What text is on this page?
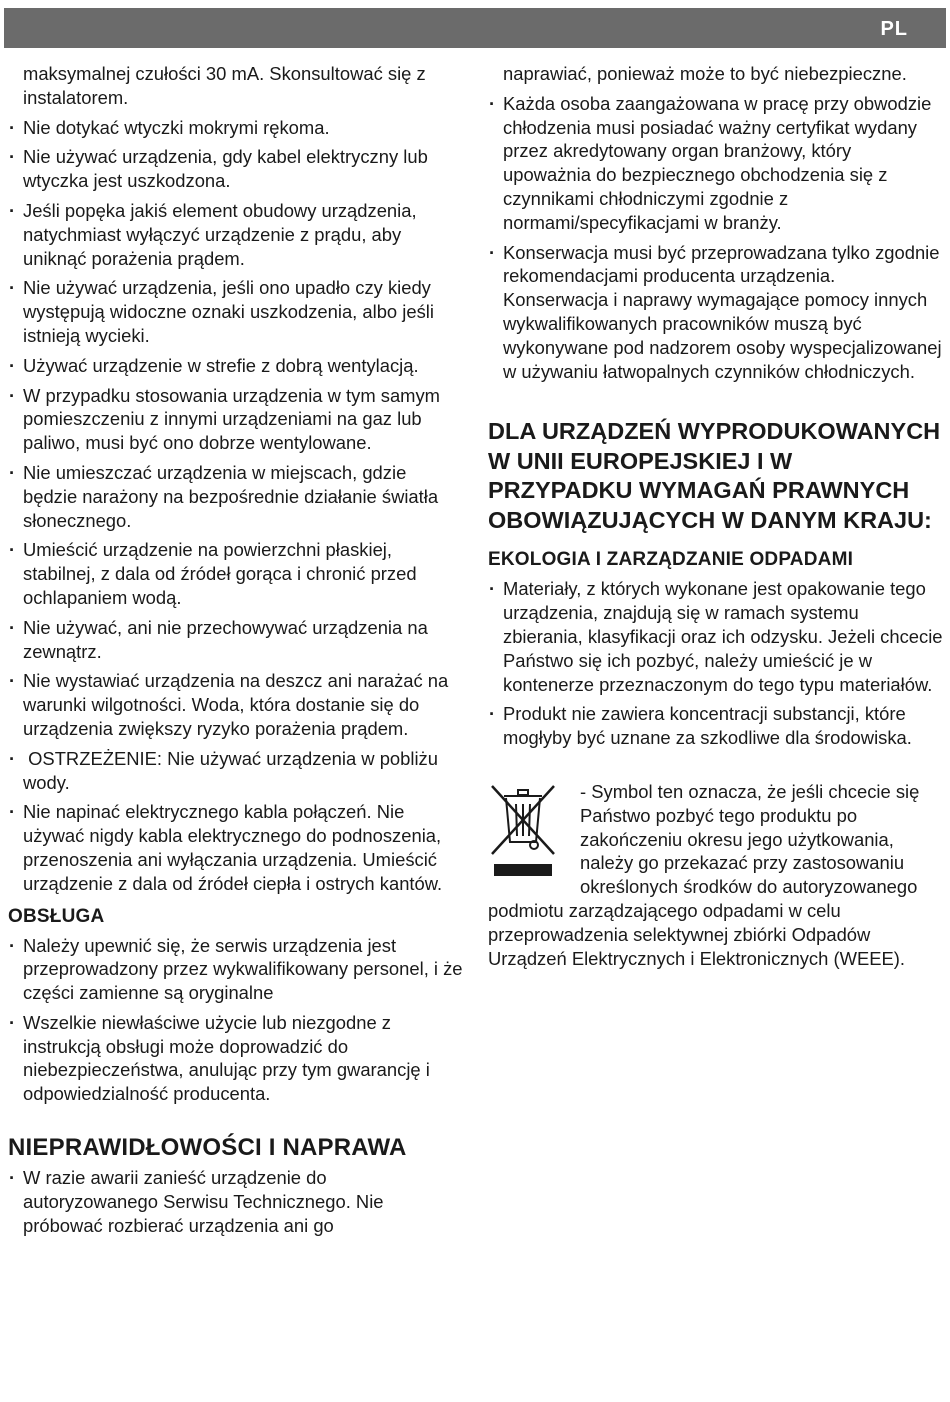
PL

maksymalnej czułości 30 mA. Skonsultować się z instalatorem.

· Nie dotykać wtyczki mokrymi rękoma.

· Nie używać urządzenia, gdy kabel elektryczny lub wtyczka jest uszkodzona.

· Jeśli popęka jakiś element obudowy urządzenia, natychmiast wyłączyć urządzenie z prądu, aby uniknąć porażenia prądem.

· Nie używać urządzenia, jeśli ono upadło czy kiedy występują widoczne oznaki uszkodzenia, albo jeśli istnieją wycieki.

· Używać urządzenie w strefie z dobrą wentylacją.

· W przypadku stosowania urządzenia w tym samym pomieszczeniu z innymi urządzeniami na gaz lub paliwo, musi być ono dobrze wentylowane.

· Nie umieszczać urządzenia w miejscach, gdzie będzie narażony na bezpośrednie działanie światła słonecznego.

· Umieścić urządzenie na powierzchni płaskiej, stabilnej, z dala od źródeł gorąca i chronić przed ochlapaniem wodą.

· Nie używać, ani nie przechowywać urządzenia na zewnątrz.

· Nie wystawiać urządzenia na deszcz ani narażać na warunki wilgotności. Woda, która dostanie się do urządzenia zwiększy ryzyko porażenia prądem.

·  OSTRZEŻENIE: Nie używać urządzenia w pobliżu wody.

· Nie napinać elektrycznego kabla połączeń. Nie używać nigdy kabla elektrycznego do podnoszenia, przenoszenia ani wyłączania urządzenia. Umieścić urządzenie z dala od źródeł ciepła i ostrych kantów.

OBSŁUGA

· Należy upewnić się, że serwis urządzenia jest przeprowadzony przez wykwalifikowany personel, i że części zamienne są oryginalne

· Wszelkie niewłaściwe użycie lub niezgodne z instrukcją obsługi może doprowadzić do niebezpieczeństwa, anulując przy tym gwarancję i odpowiedzialność producenta.

NIEPRAWIDŁOWOŚCI I NAPRAWA

· W razie awarii zanieść urządzenie do autoryzowanego Serwisu Technicznego. Nie próbować rozbierać urządzenia ani go

naprawiać, ponieważ może to być niebezpieczne.

· Każda osoba zaangażowana w pracę przy obwodzie chłodzenia musi posiadać ważny certyfikat wydany przez akredytowany organ branżowy, który upoważnia do bezpiecznego obchodzenia się z czynnikami chłodniczymi zgodnie z normami/specyfikacjami w branży.

· Konserwacja musi być przeprowadzana tylko zgodnie rekomendacjami producenta urządzenia. Konserwacja i naprawy wymagające pomocy innych wykwalifikowanych pracowników muszą być wykonywane pod nadzorem osoby wyspecjalizowanej w używaniu łatwopalnych czynników chłodniczych.

DLA URZĄDZEŃ WYPRODUKOWANYCH W UNII EUROPEJSKIEJ I W PRZYPADKU WYMAGAŃ PRAWNYCH OBOWIĄZUJĄCYCH W DANYM KRAJU:
EKOLOGIA I ZARZĄDZANIE ODPADAMI

· Materiały, z których wykonane jest opakowanie tego urządzenia, znajdują się w ramach systemu zbierania, klasyfikacji oraz ich odzysku. Jeżeli chcecie Państwo się ich pozbyć, należy umieścić je w kontenerze przeznaczonym do tego typu materiałów.

· Produkt nie zawiera koncentracji substancji, które mogłyby być uznane za szkodliwe dla środowiska.

- Symbol ten oznacza, że jeśli chcecie się Państwo pozbyć tego produktu po zakończeniu okresu jego użytkowania, należy go przekazać przy zastosowaniu określonych środków do autoryzowanego podmiotu zarządzającego odpadami w celu przeprowadzenia selektywnej zbiórki Odpadów Urządzeń Elektrycznych i Elektronicznych (WEEE).
